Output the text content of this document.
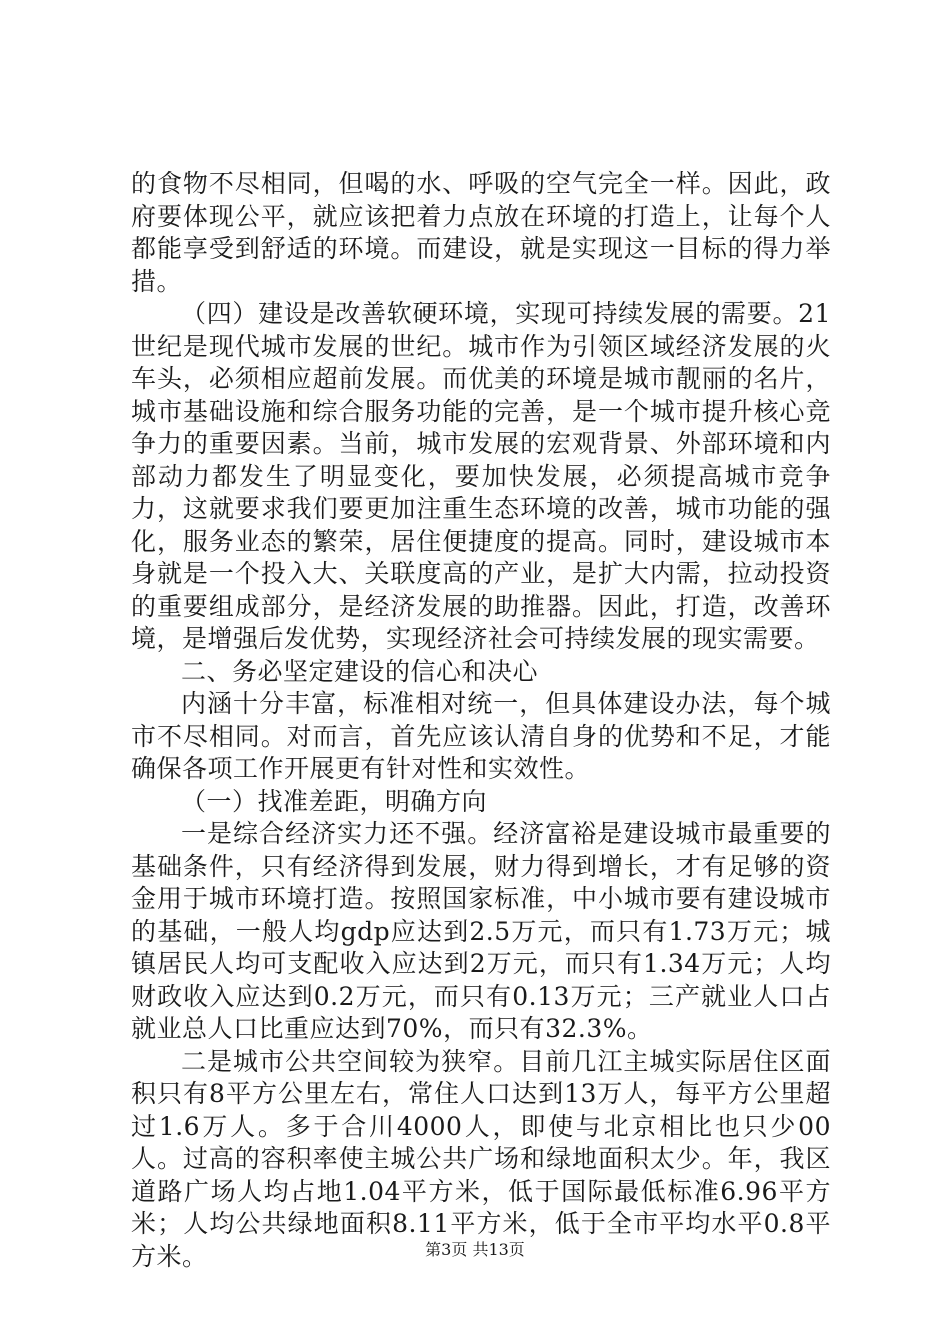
的食物不尽相同，但喝的水、呼吸的空气完全一样。因此，政府要体现公平，就应该把着力点放在环境的打造上，让每个人都能享受到舒适的环境。而建设，就是实现这一目标的得力举措。

（四）建设是改善软硬环境，实现可持续发展的需要。21世纪是现代城市发展的世纪。城市作为引领区域经济发展的火车头，必须相应超前发展。而优美的环境是城市靓丽的名片，城市基础设施和综合服务功能的完善，是一个城市提升核心竞争力的重要因素。当前，城市发展的宏观背景、外部环境和内部动力都发生了明显变化，要加快发展，必须提高城市竞争力，这就要求我们要更加注重生态环境的改善，城市功能的强化，服务业态的繁荣，居住便捷度的提高。同时，建设城市本身就是一个投入大、关联度高的产业，是扩大内需，拉动投资的重要组成部分，是经济发展的助推器。因此，打造，改善环境，是增强后发优势，实现经济社会可持续发展的现实需要。

二、务必坚定建设的信心和决心

内涵十分丰富，标准相对统一，但具体建设办法，每个城市不尽相同。对而言，首先应该认清自身的优势和不足，才能确保各项工作开展更有针对性和实效性。

（一）找准差距，明确方向

一是综合经济实力还不强。经济富裕是建设城市最重要的基础条件，只有经济得到发展，财力得到增长，才有足够的资金用于城市环境打造。按照国家标准，中小城市要有建设城市的基础，一般人均gdp应达到2.5万元，而只有1.73万元；城镇居民人均可支配收入应达到2万元，而只有1.34万元；人均财政收入应达到0.2万元，而只有0.13万元；三产就业人口占就业总人口比重应达到70%，而只有32.3%。

二是城市公共空间较为狭窄。目前几江主城实际居住区面积只有8平方公里左右，常住人口达到13万人，每平方公里超过1.6万人。多于合川4000人，即使与北京相比也只少00人。过高的容积率使主城公共广场和绿地面积太少。年，我区道路广场人均占地1.04平方米，低于国际最低标准6.96平方米；人均公共绿地面积8.11平方米，低于全市平均水平0.8平方米。	第3页 共13页
